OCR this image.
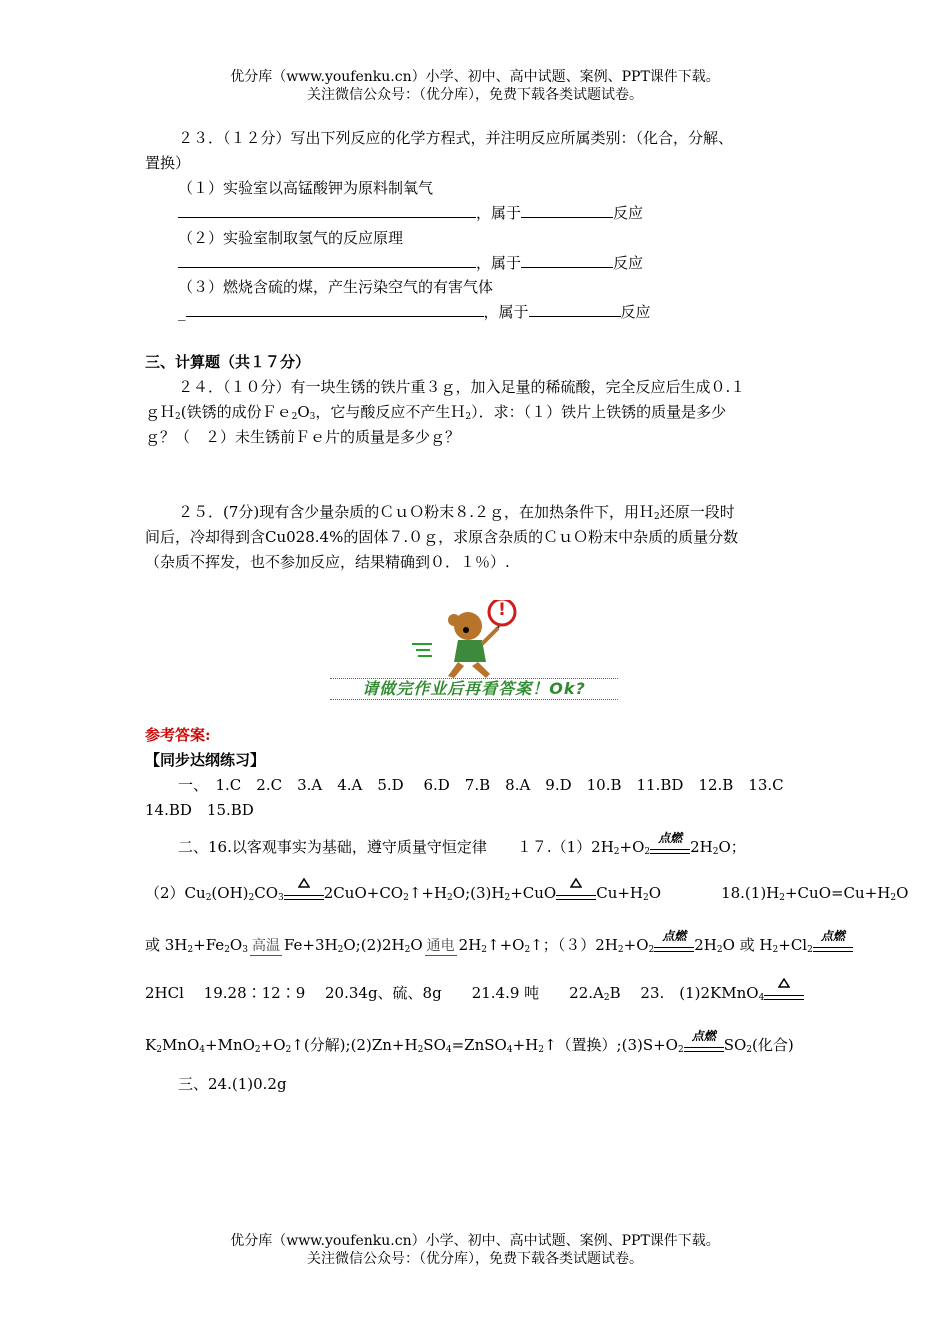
优分库（www.youfenku.cn）小学、初中、高中试题、案例、PPT课件下载。
关注微信公众号：（优分库），免费下载各类试题试卷。
２３．（１２分）写出下列反应的化学方程式，并注明反应所属类别：（化合，分解、
置换）
（１）实验室以高锰酸钾为原料制氧气
，属于	反应
（２）实验室制取氢气的反应原理
，属于	反应
（３）燃烧含硫的煤，产生污染空气的有害气体
_	，属于	反应
三、计算题（共１７分）
２４．（１０分）有一块生锈的铁片重３ｇ，加入足量的稀硫酸，完全反应后生成０.１
ｇＨ$_2$(铁锈的成份$Fe_2O_3$，它与酸反应不产生Ｈ$_2$）．求：（１）铁片上铁锈的质量是多少
ｇ？（　２）未生锈前Ｆｅ片的质量是多少ｇ？
２５．(7分)现有含少量杂质的ＣｕＯ粉末８.２ｇ，在加热条件下，用Ｈ$_2$还原一段时
间后，冷却得到含Cu028.4%的固体７.０ｇ，求原含杂质的ＣｕＯ粉末中杂质的质量分数
（杂质不挥发，也不参加反应，结果精确到０．１％）.
!
请做完作业后再看答案！Ok?
参考答案:
【同步达纲练习】
一、　1.C　2.C　3.A　4.A　5.D　 6.D　7.B　8.A　9.D　10.B　11.BD　12.B　13.C
14.BD　15.BD
二、16.以客观事实为基础，遵守质量守恒定律　　$17.(1)2H_2+O_2$
点燃 $2H_2O$；
$(2)Cu_2(OH)_2CO_3$	$2CuO+CO_2↑+H_2O;(3)H_2+CuO$	$Cu+H_2O$	$18.(1)H_2+CuO=Cu+H_2O$
或 $3H_2+Fe_2O_3$ 高温 $Fe+3H_2O;(2)2H_2O$ 通电 $2H_2↑+O_2↑$；$(3)2H_2+O_2$
点燃 $2H_2O$ 或 $H_2+Cl_2$
点燃
2HCl　 19.28∶12∶9　 20.34g、硫、8g　　21.4.9 吨　　$22.A_2B$　 23.　(1)2KMnO$_4$
$K_2MnO_4+MnO_2+O_2↑$(分解)$;(2)Zn+H_2SO_4=ZnSO_4+H_2↑$（置换）$;(3)S+O_2$
点燃 $SO_2$(化合)
三、24.(1)0.2g
优分库（www.youfenku.cn）小学、初中、高中试题、案例、PPT课件下载。
关注微信公众号：（优分库），免费下载各类试题试卷。
